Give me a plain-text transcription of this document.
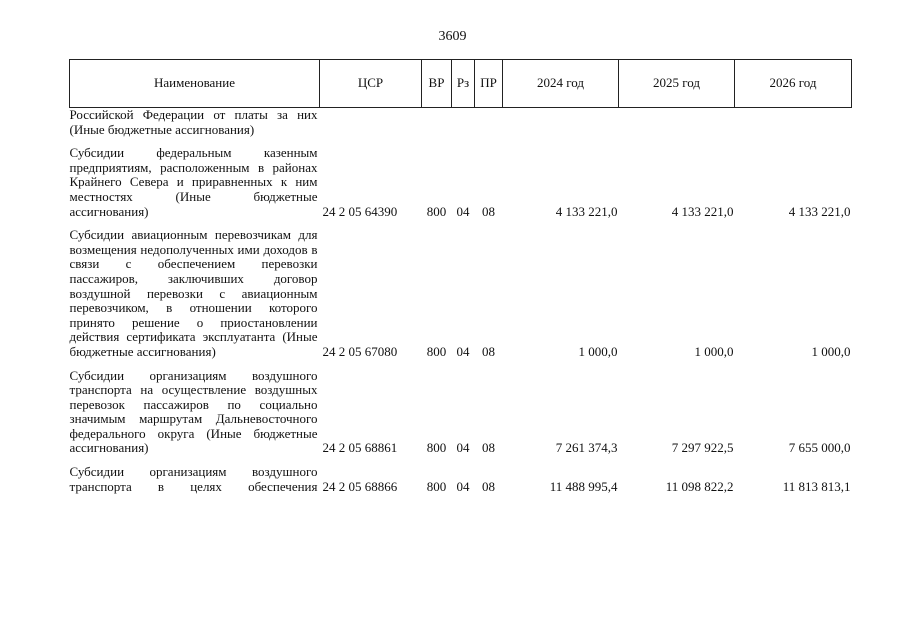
3609
Наименование	ЦСР	ВР	Рз	ПР	2024 год	2025 год	2026 год
Российской Федерации от платы за них (Иные бюджетные ассигнования)							
Субсидии федеральным казенным предприятиям, расположенным в районах Крайнего Севера и приравненных к ним местностях (Иные бюджетные ассигнования)	24 2 05 64390	800	04	08	4 133 221,0	4 133 221,0	4 133 221,0
Субсидии авиационным перевозчикам для возмещения недополученных ими доходов в связи с обеспечением перевозки пассажиров, заключивших договор воздушной перевозки с авиационным перевозчиком, в отношении которого принято решение о приостановлении действия сертификата эксплуатанта (Иные бюджетные ассигнования)	24 2 05 67080	800	04	08	1 000,0	1 000,0	1 000,0
Субсидии организациям воздушного транспорта на осуществление воздушных перевозок пассажиров по социально значимым маршрутам Дальневосточного федерального округа (Иные бюджетные ассигнования)	24 2 05 68861	800	04	08	7 261 374,3	7 297 922,5	7 655 000,0
Субсидии организациям воздушного транспорта в целях обеспечения	24 2 05 68866	800	04	08	11 488 995,4	11 098 822,2	11 813 813,1
